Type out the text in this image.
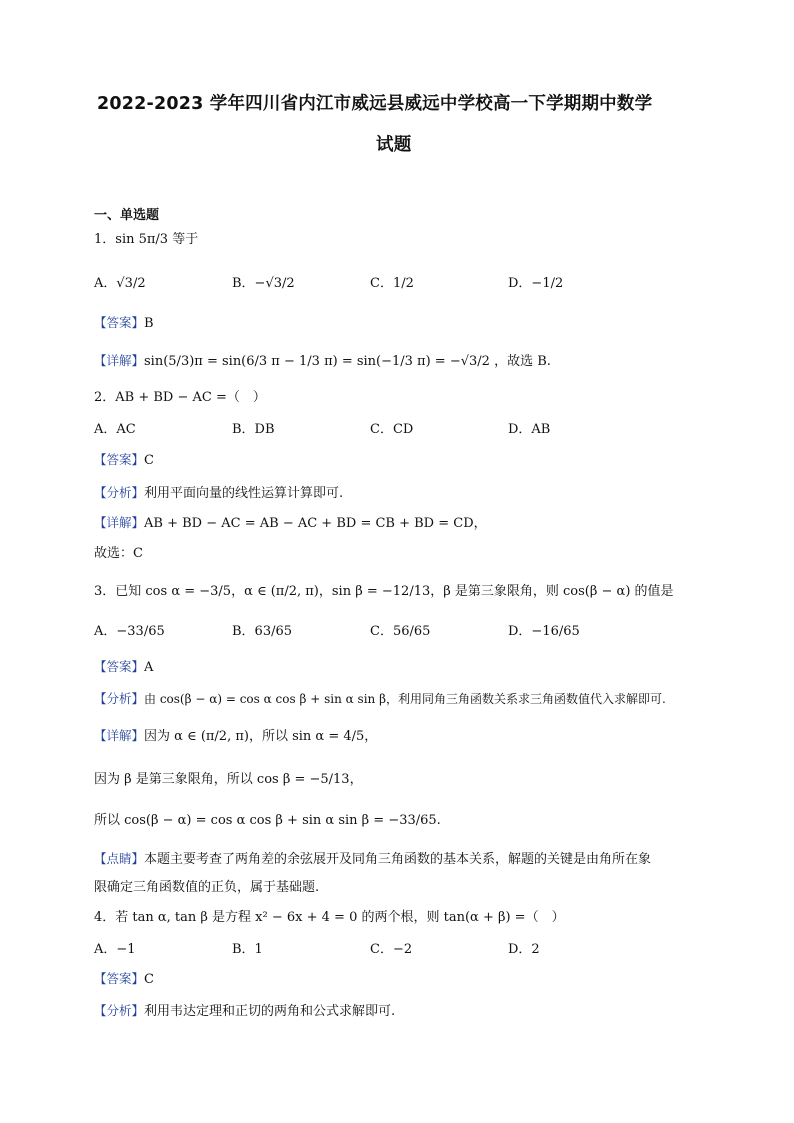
2022-2023 学年四川省内江市威远县威远中学校高一下学期期中数学
试题
一、单选题
1．sin 5π/3 等于
A．√3/2	B．−√3/2	C．1/2	D．−1/2
【答案】B
【详解】sin(5/3)π = sin(6/3 π − 1/3 π) = sin(−1/3 π) = −√3/2 ，故选 B.
2．AB + BD − AC =（　）
A．AC	B．DB	C．CD	D．AB
【答案】C
【分析】利用平面向量的线性运算计算即可.
【详解】AB + BD − AC = AB − AC + BD = CB + BD = CD，
故选：C
3．已知 cos α = −3/5，α ∈ (π/2, π)，sin β = −12/13，β 是第三象限角，则 cos(β − α) 的值是
A．−33/65	B．63/65	C．56/65	D．−16/65
【答案】A
【分析】由 cos(β − α) = cos α cos β + sin α sin β，利用同角三角函数关系求三角函数值代入求解即可.
【详解】因为 α ∈ (π/2, π)，所以 sin α = 4/5，
因为 β 是第三象限角，所以 cos β = −5/13，
所以 cos(β − α) = cos α cos β + sin α sin β = −33/65.
【点睛】本题主要考查了两角差的余弦展开及同角三角函数的基本关系，解题的关键是由角所在象
限确定三角函数值的正负，属于基础题.
4．若 tan α, tan β 是方程 x² − 6x + 4 = 0 的两个根，则 tan(α + β) =（　）
A．−1	B．1	C．−2	D．2
【答案】C
【分析】利用韦达定理和正切的两角和公式求解即可.
